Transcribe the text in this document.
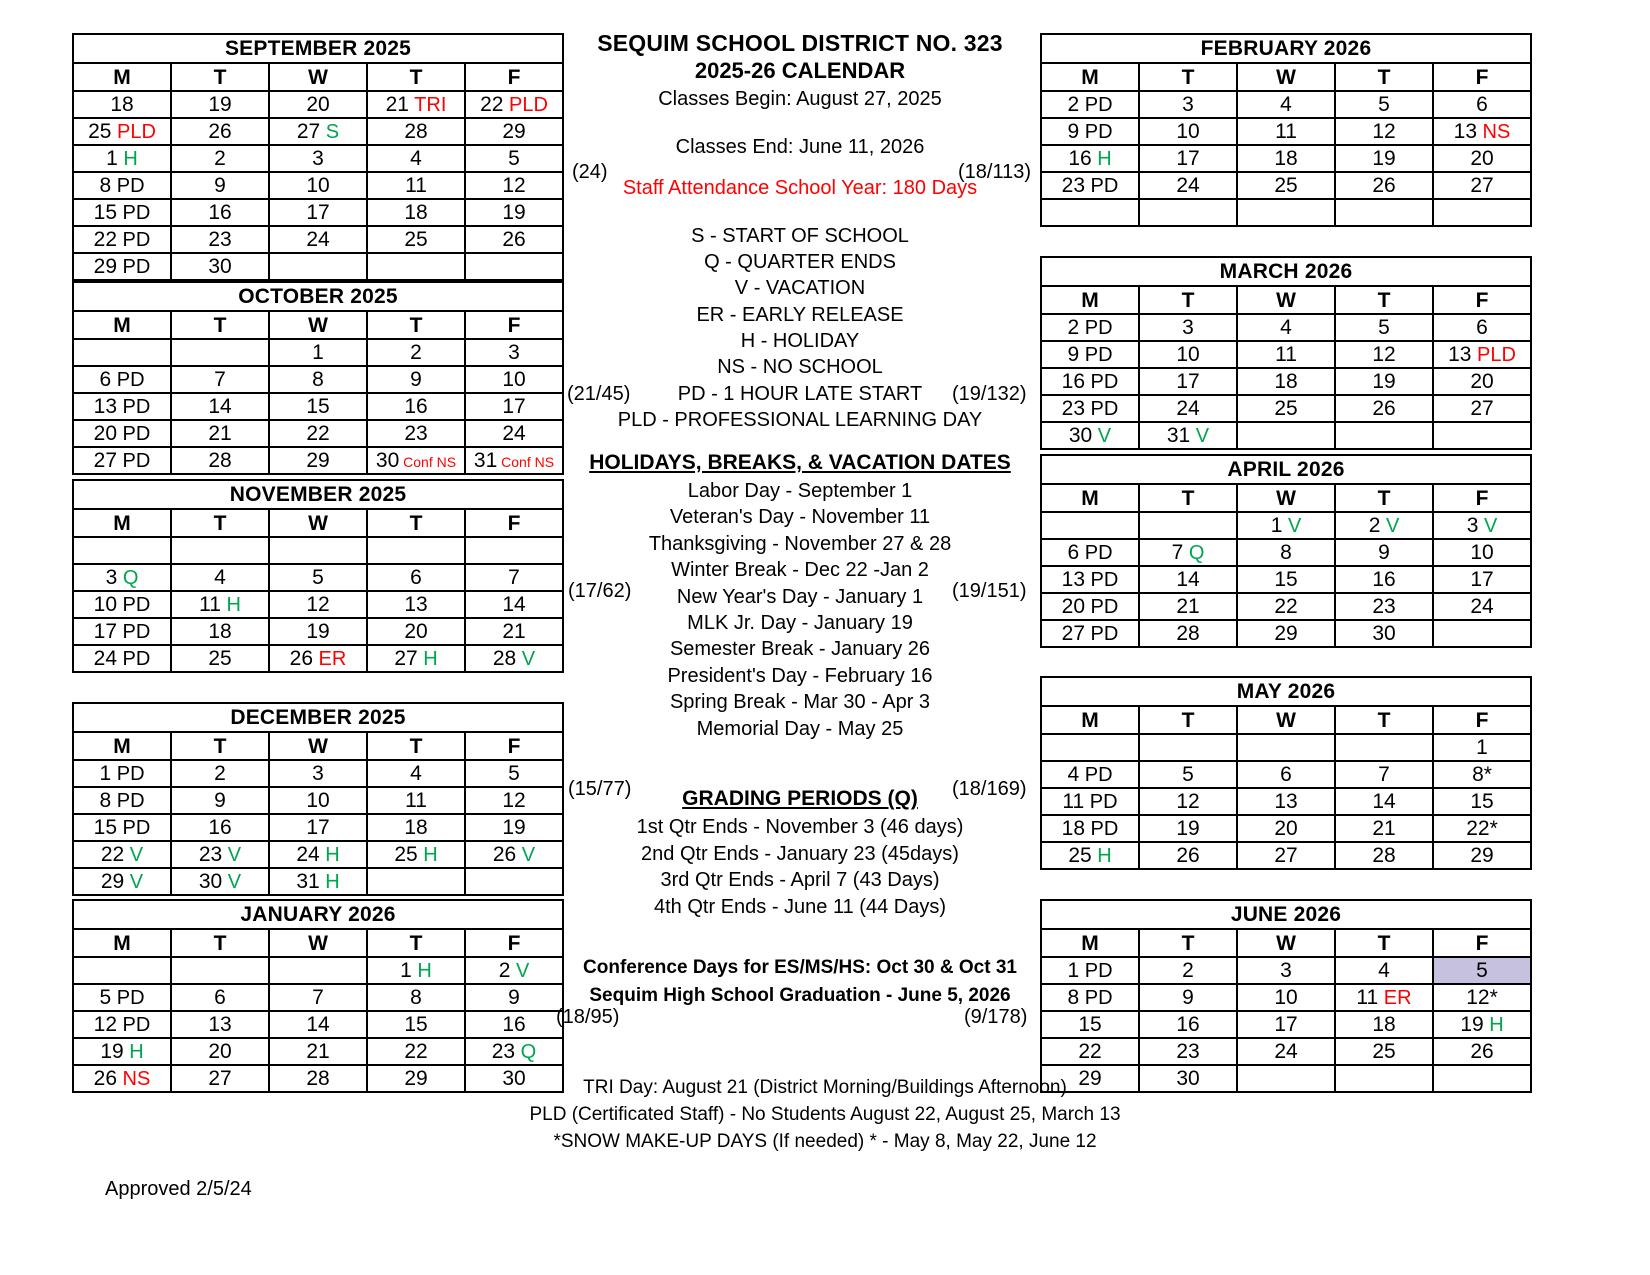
SEPTEMBER 2025				
M	T	W	T	F
18	19	20	21 TRI	22 PLD
25 PLD	26	27 S	28	29
1 H	2	3	4	5
8 PD	9	10	11	12
15 PD	16	17	18	19
22 PD	23	24	25	26
29 PD	30			
OCTOBER 2025				
M	T	W	T	F
		1	2	3
6 PD	7	8	9	10
13 PD	14	15	16	17
20 PD	21	22	23	24
27 PD	28	29	30 Conf NS	31 Conf NS
NOVEMBER 2025				
M	T	W	T	F

3 Q	4	5	6	7
10 PD	11 H	12	13	14
17 PD	18	19	20	21
24 PD	25	26 ER	27 H	28 V
DECEMBER 2025				
M	T	W	T	F
1 PD	2	3	4	5
8 PD	9	10	11	12
15 PD	16	17	18	19
22 V	23 V	24 H	25 H	26 V
29 V	30 V	31 H		
JANUARY 2026				
M	T	W	T	F
			1 H	2 V
5 PD	6	7	8	9
12 PD	13	14	15	16
19 H	20	21	22	23 Q
26 NS	27	28	29	30
FEBRUARY 2026				
M	T	W	T	F
2 PD	3	4	5	6
9 PD	10	11	12	13 NS
16 H	17	18	19	20
23 PD	24	25	26	27

MARCH 2026				
M	T	W	T	F
2 PD	3	4	5	6
9 PD	10	11	12	13 PLD
16 PD	17	18	19	20
23 PD	24	25	26	27
30 V	31 V			
APRIL 2026				
M	T	W	T	F
		1 V	2 V	3 V
6 PD	7 Q	8	9	10
13 PD	14	15	16	17
20 PD	21	22	23	24
27 PD	28	29	30	
MAY 2026				
M	T	W	T	F
				1
4 PD	5	6	7	8*
11 PD	12	13	14	15
18 PD	19	20	21	22*
25 H	26	27	28	29
JUNE 2026				
M	T	W	T	F
1 PD	2	3	4	5
8 PD	9	10	11 ER	12*
15	16	17	18	19 H
22	23	24	25	26
29	30			
SEQUIM SCHOOL DISTRICT NO. 323
2025-26 CALENDAR
Classes Begin: August 27, 2025
Classes End: June 11, 2026
Staff Attendance School Year: 180 Days
S - START OF SCHOOL
Q - QUARTER ENDS
V - VACATION
ER - EARLY RELEASE
H - HOLIDAY
NS - NO SCHOOL
PD - 1 HOUR LATE START
PLD - PROFESSIONAL LEARNING DAY
HOLIDAYS, BREAKS, & VACATION DATES
Labor Day - September 1
Veteran's Day - November 11
Thanksgiving - November 27 & 28
Winter Break - Dec 22 -Jan 2
New Year's Day - January 1
MLK Jr. Day - January 19
Semester Break - January 26
President's Day - February 16
Spring Break - Mar 30 - Apr 3
Memorial Day - May 25
GRADING PERIODS (Q)
1st Qtr Ends - November 3 (46 days)
2nd Qtr Ends - January 23 (45days)
3rd Qtr Ends - April 7 (43 Days)
4th Qtr Ends - June 11 (44 Days)
Conference Days for ES/MS/HS: Oct 30 & Oct 31
Sequim High School Graduation - June 5, 2026
(24)
(21/45)
(17/62)
(15/77)
(18/95)
(18/113)
(19/132)
(19/151)
(18/169)
(9/178)
TRI Day: August 21 (District Morning/Buildings Afternoon)
PLD (Certificated Staff) - No Students August 22, August 25, March 13
*SNOW MAKE-UP DAYS (If needed) * - May 8, May 22, June 12
Approved 2/5/24
